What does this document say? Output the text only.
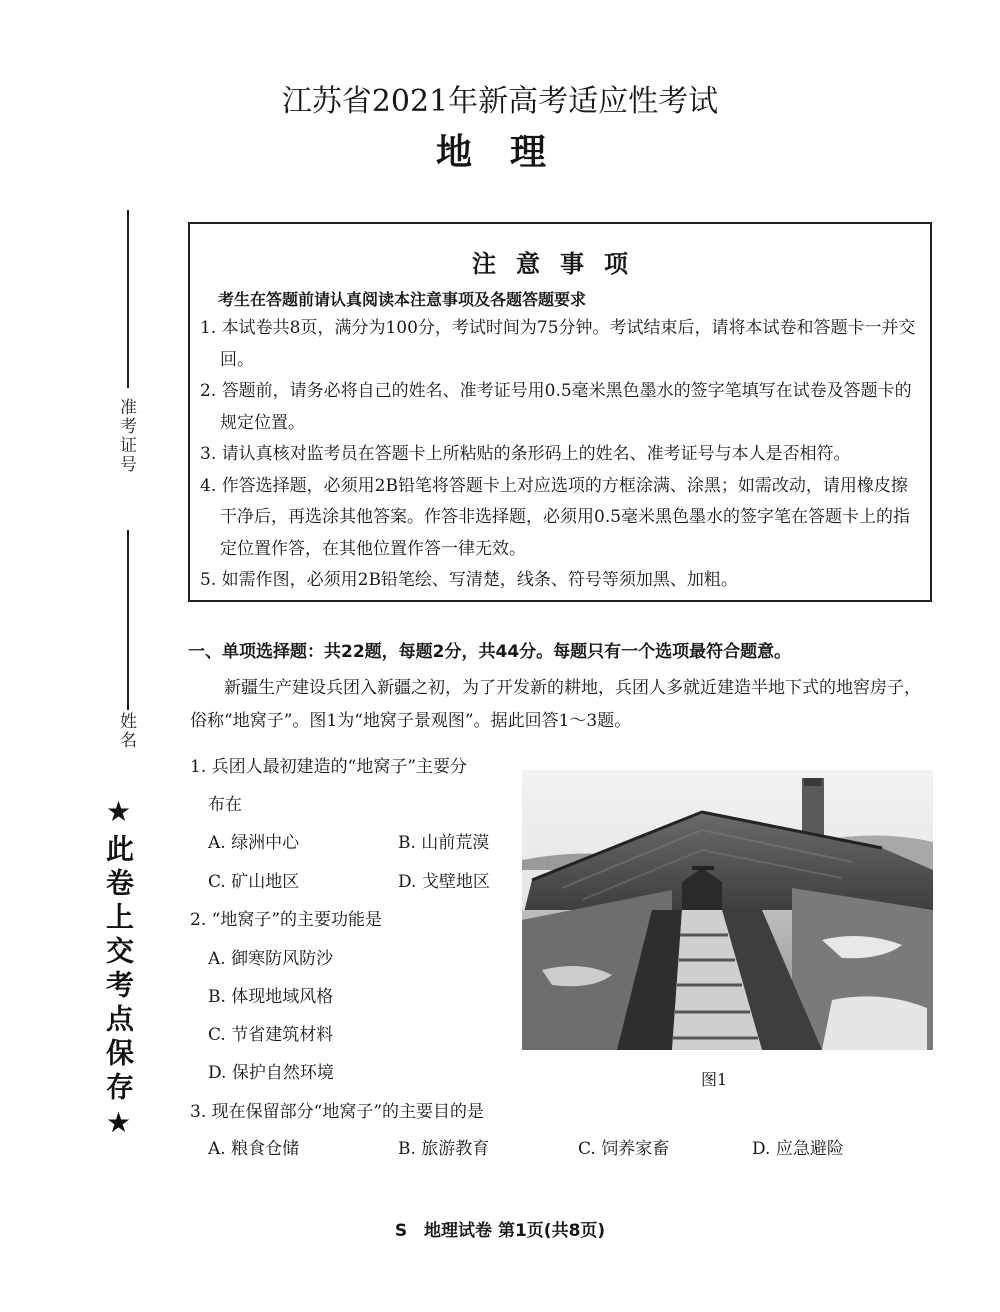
准考证号
姓名
★此卷上交考点保存★
江苏省2021年新高考适应性考试
地理
注意事项
考生在答题前请认真阅读本注意事项及各题答题要求
1. 本试卷共8页，满分为100分，考试时间为75分钟。考试结束后，请将本试卷和答题卡一并交回。
2. 答题前，请务必将自己的姓名、准考证号用0.5毫米黑色墨水的签字笔填写在试卷及答题卡的规定位置。
3. 请认真核对监考员在答题卡上所粘贴的条形码上的姓名、准考证号与本人是否相符。
4. 作答选择题，必须用2B铅笔将答题卡上对应选项的方框涂满、涂黑；如需改动，请用橡皮擦干净后，再选涂其他答案。作答非选择题，必须用0.5毫米黑色墨水的签字笔在答题卡上的指定位置作答，在其他位置作答一律无效。
5. 如需作图，必须用2B铅笔绘、写清楚，线条、符号等须加黑、加粗。
一、单项选择题：共22题，每题2分，共44分。每题只有一个选项最符合题意。
新疆生产建设兵团入新疆之初，为了开发新的耕地，兵团人多就近建造半地下式的地窖房子，俗称“地窝子”。图1为“地窝子景观图”。据此回答1～3题。
1. 兵团人最初建造的“地窝子”主要分
布在
A. 绿洲中心	B. 山前荒漠
C. 矿山地区	D. 戈壁地区
2. “地窝子”的主要功能是
A. 御寒防风防沙
B. 体现地域风格
C. 节省建筑材料
D. 保护自然环境
3. 现在保留部分“地窝子”的主要目的是
A. 粮食仓储	B. 旅游教育	C. 饲养家畜	D. 应急避险
图1
S　地理试卷 第1页(共8页)
